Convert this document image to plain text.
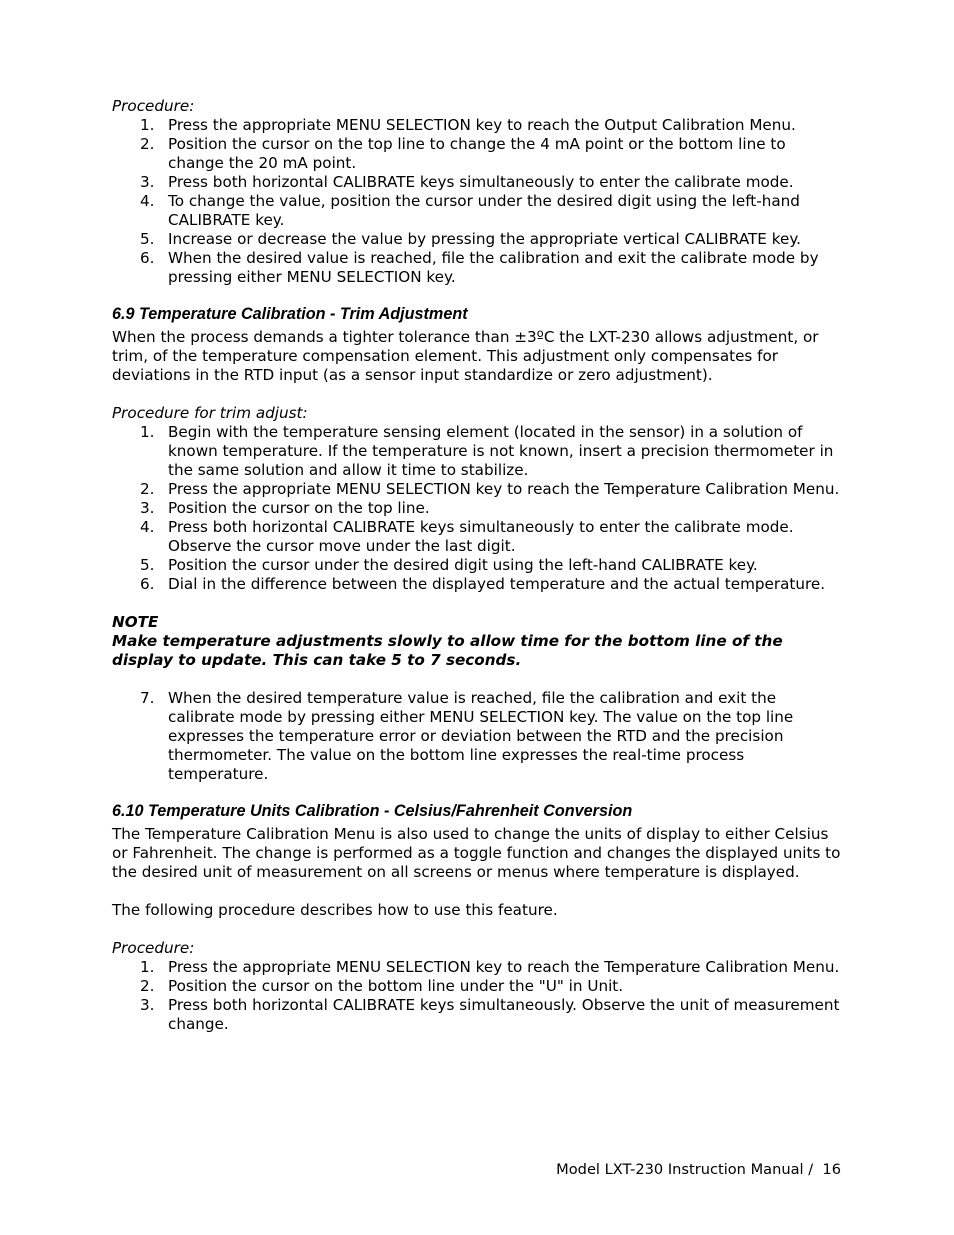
Procedure:
1. Press the appropriate MENU SELECTION key to reach the Output Calibration Menu.
2. Position the cursor on the top line to change the 4 mA point or the bottom line to change the 20 mA point.
3. Press both horizontal CALIBRATE keys simultaneously to enter the calibrate mode.
4. To change the value, position the cursor under the desired digit using the left-hand CALIBRATE key.
5. Increase or decrease the value by pressing the appropriate vertical CALIBRATE key.
6. When the desired value is reached, file the calibration and exit the calibrate mode by pressing either MENU SELECTION key.
6.9 Temperature Calibration - Trim Adjustment
When the process demands a tighter tolerance than ±3ºC the LXT-230 allows adjustment, or trim, of the temperature compensation element. This adjustment only compensates for deviations in the RTD input (as a sensor input standardize or zero adjustment).
Procedure for trim adjust:
1. Begin with the temperature sensing element (located in the sensor) in a solution of known temperature. If the temperature is not known, insert a precision thermometer in the same solution and allow it time to stabilize.
2. Press the appropriate MENU SELECTION key to reach the Temperature Calibration Menu.
3. Position the cursor on the top line.
4. Press both horizontal CALIBRATE keys simultaneously to enter the calibrate mode. Observe the cursor move under the last digit.
5. Position the cursor under the desired digit using the left-hand CALIBRATE key.
6. Dial in the difference between the displayed temperature and the actual temperature.
NOTE
Make temperature adjustments slowly to allow time for the bottom line of the display to update. This can take 5 to 7 seconds.
7. When the desired temperature value is reached, file the calibration and exit the calibrate mode by pressing either MENU SELECTION key. The value on the top line expresses the temperature error or deviation between the RTD and the precision thermometer. The value on the bottom line expresses the real-time process temperature.
6.10 Temperature Units Calibration - Celsius/Fahrenheit Conversion
The Temperature Calibration Menu is also used to change the units of display to either Celsius or Fahrenheit. The change is performed as a toggle function and changes the displayed units to the desired unit of measurement on all screens or menus where temperature is displayed.
The following procedure describes how to use this feature.
Procedure:
1. Press the appropriate MENU SELECTION key to reach the Temperature Calibration Menu.
2. Position the cursor on the bottom line under the "U" in Unit.
3. Press both horizontal CALIBRATE keys simultaneously. Observe the unit of measurement change.
Model LXT-230 Instruction Manual /  16
